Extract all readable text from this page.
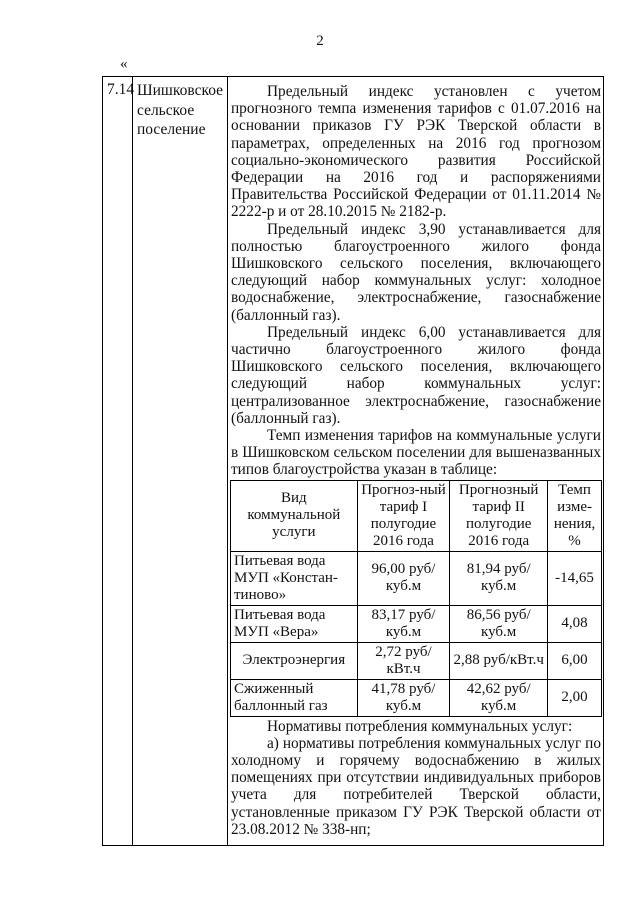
2
«
7.14 Шишковское
сельское
поселение

Предельный индекс установлен с учетом прогнозного темпа изменения тарифов с 01.07.2016 на основании приказов ГУ РЭК Тверской области в параметрах, определенных на 2016 год прогнозом социально-экономического развития Российской Федерации на 2016 год и распоряжениями Правительства Российской Федерации от 01.11.2014 № 2222-р и от 28.10.2015 № 2182-р.

Предельный индекс 3,90 устанавливается для полностью благоустроенного жилого фонда Шишковского сельского поселения, включающего следующий набор коммунальных услуг: холодное водоснабжение, электроснабжение, газоснабжение (баллонный газ).

Предельный индекс 6,00 устанавливается для частично благоустроенного жилого фонда Шишковского сельского поселения, включающего следующий набор коммунальных услуг: централизованное электроснабжение, газоснабжение (баллонный газ).

Темп изменения тарифов на коммунальные услуги в Шишковском сельском поселении для вышеназванных типов благоустройства указан в таблице:

Вид коммунальной услуги	Прогноз-ный тариф I полугодие 2016 года	Прогнозный тариф II полугодие 2016 года	Темп изме-нения, %
Питьевая вода МУП «Констан-тиново»	96,00 руб/куб.м	81,94 руб/куб.м	-14,65
Питьевая вода МУП «Вера»	83,17 руб/куб.м	86,56 руб/куб.м	4,08
Электроэнергия	2,72 руб/кВт.ч	2,88 руб/кВт.ч	6,00
Сжиженный баллонный газ	41,78 руб/куб.м	42,62 руб/куб.м	2,00

Нормативы потребления коммунальных услуг:

а) нормативы потребления коммунальных услуг по холодному и горячему водоснабжению в жилых помещениях при отсутствии индивидуальных приборов учета для потребителей Тверской области, установленные приказом ГУ РЭК Тверской области от 23.08.2012 № 338-нп;
